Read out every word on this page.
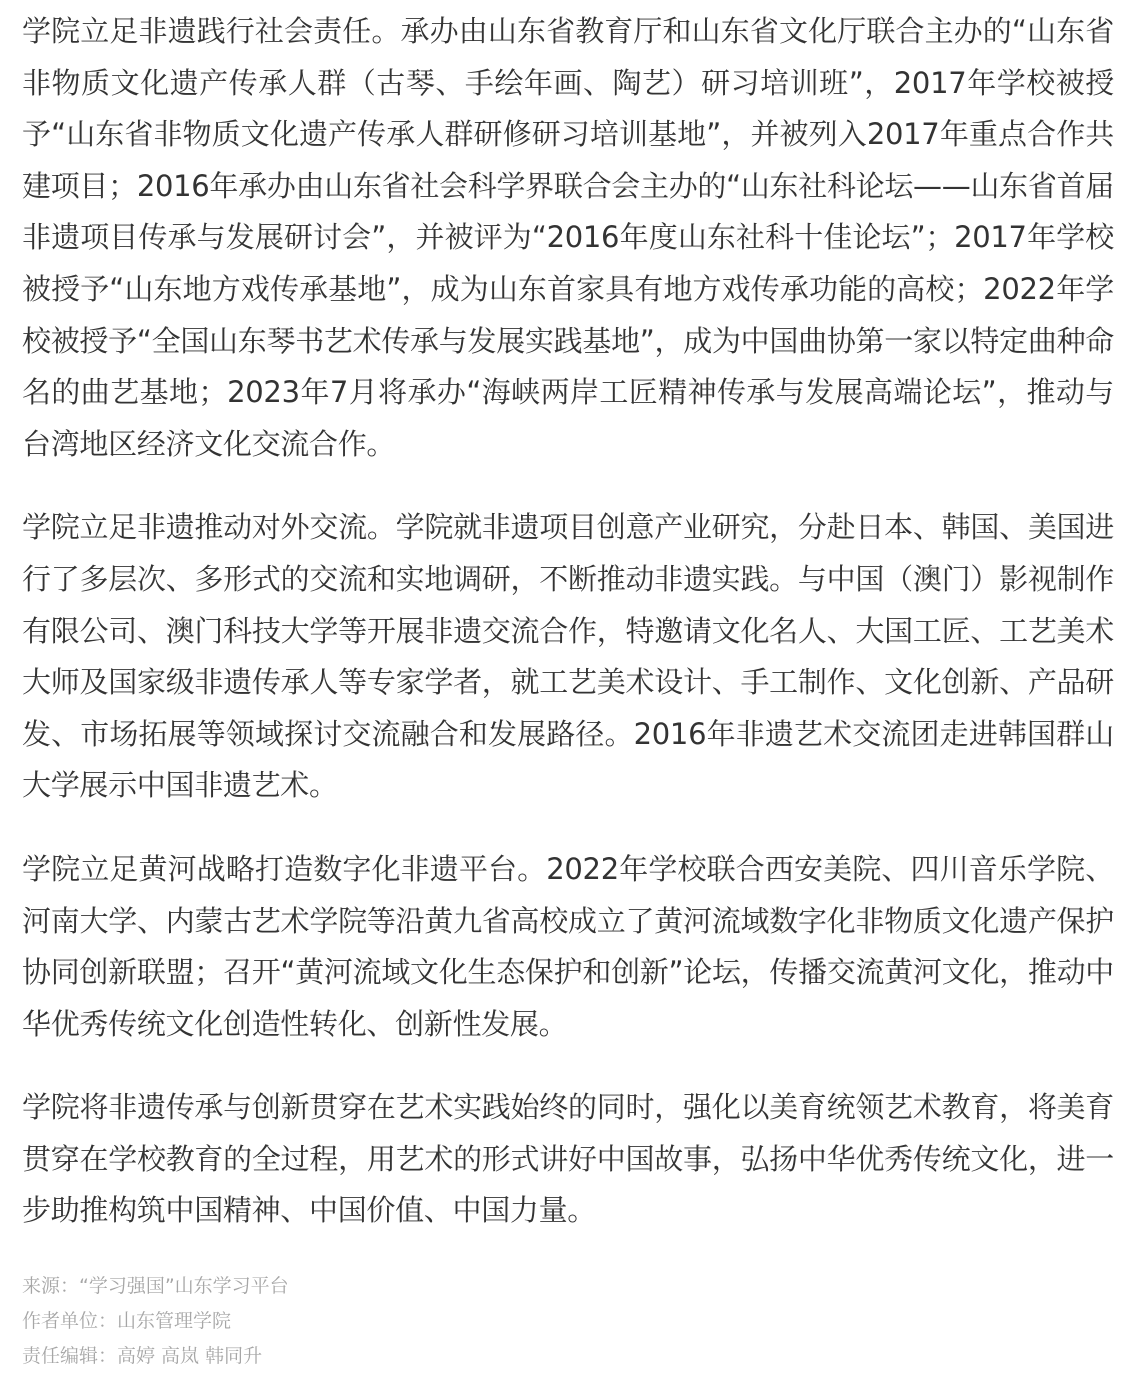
学院立足非遗践行社会责任。承办由山东省教育厅和山东省文化厅联合主办的“山东省非物质文化遗产传承人群（古琴、手绘年画、陶艺）研习培训班”，2017年学校被授予“山东省非物质文化遗产传承人群研修研习培训基地”，并被列入2017年重点合作共建项目；2016年承办由山东省社会科学界联合会主办的“山东社科论坛——山东省首届非遗项目传承与发展研讨会”，并被评为“2016年度山东社科十佳论坛”；2017年学校被授予“山东地方戏传承基地”，成为山东首家具有地方戏传承功能的高校；2022年学校被授予“全国山东琴书艺术传承与发展实践基地”，成为中国曲协第一家以特定曲种命名的曲艺基地；2023年7月将承办“海峡两岸工匠精神传承与发展高端论坛”，推动与台湾地区经济文化交流合作。

学院立足非遗推动对外交流。学院就非遗项目创意产业研究，分赴日本、韩国、美国进行了多层次、多形式的交流和实地调研，不断推动非遗实践。与中国（澳门）影视制作有限公司、澳门科技大学等开展非遗交流合作，特邀请文化名人、大国工匠、工艺美术大师及国家级非遗传承人等专家学者，就工艺美术设计、手工制作、文化创新、产品研发、市场拓展等领域探讨交流融合和发展路径。2016年非遗艺术交流团走进韩国群山大学展示中国非遗艺术。

学院立足黄河战略打造数字化非遗平台。2022年学校联合西安美院、四川音乐学院、河南大学、内蒙古艺术学院等沿黄九省高校成立了黄河流域数字化非物质文化遗产保护协同创新联盟；召开“黄河流域文化生态保护和创新”论坛，传播交流黄河文化，推动中华优秀传统文化创造性转化、创新性发展。

学院将非遗传承与创新贯穿在艺术实践始终的同时，强化以美育统领艺术教育，将美育贯穿在学校教育的全过程，用艺术的形式讲好中国故事，弘扬中华优秀传统文化，进一步助推构筑中国精神、中国价值、中国力量。

来源：“学习强国”山东学习平台
作者单位：山东管理学院
责任编辑：高婷 高岚 韩同升
